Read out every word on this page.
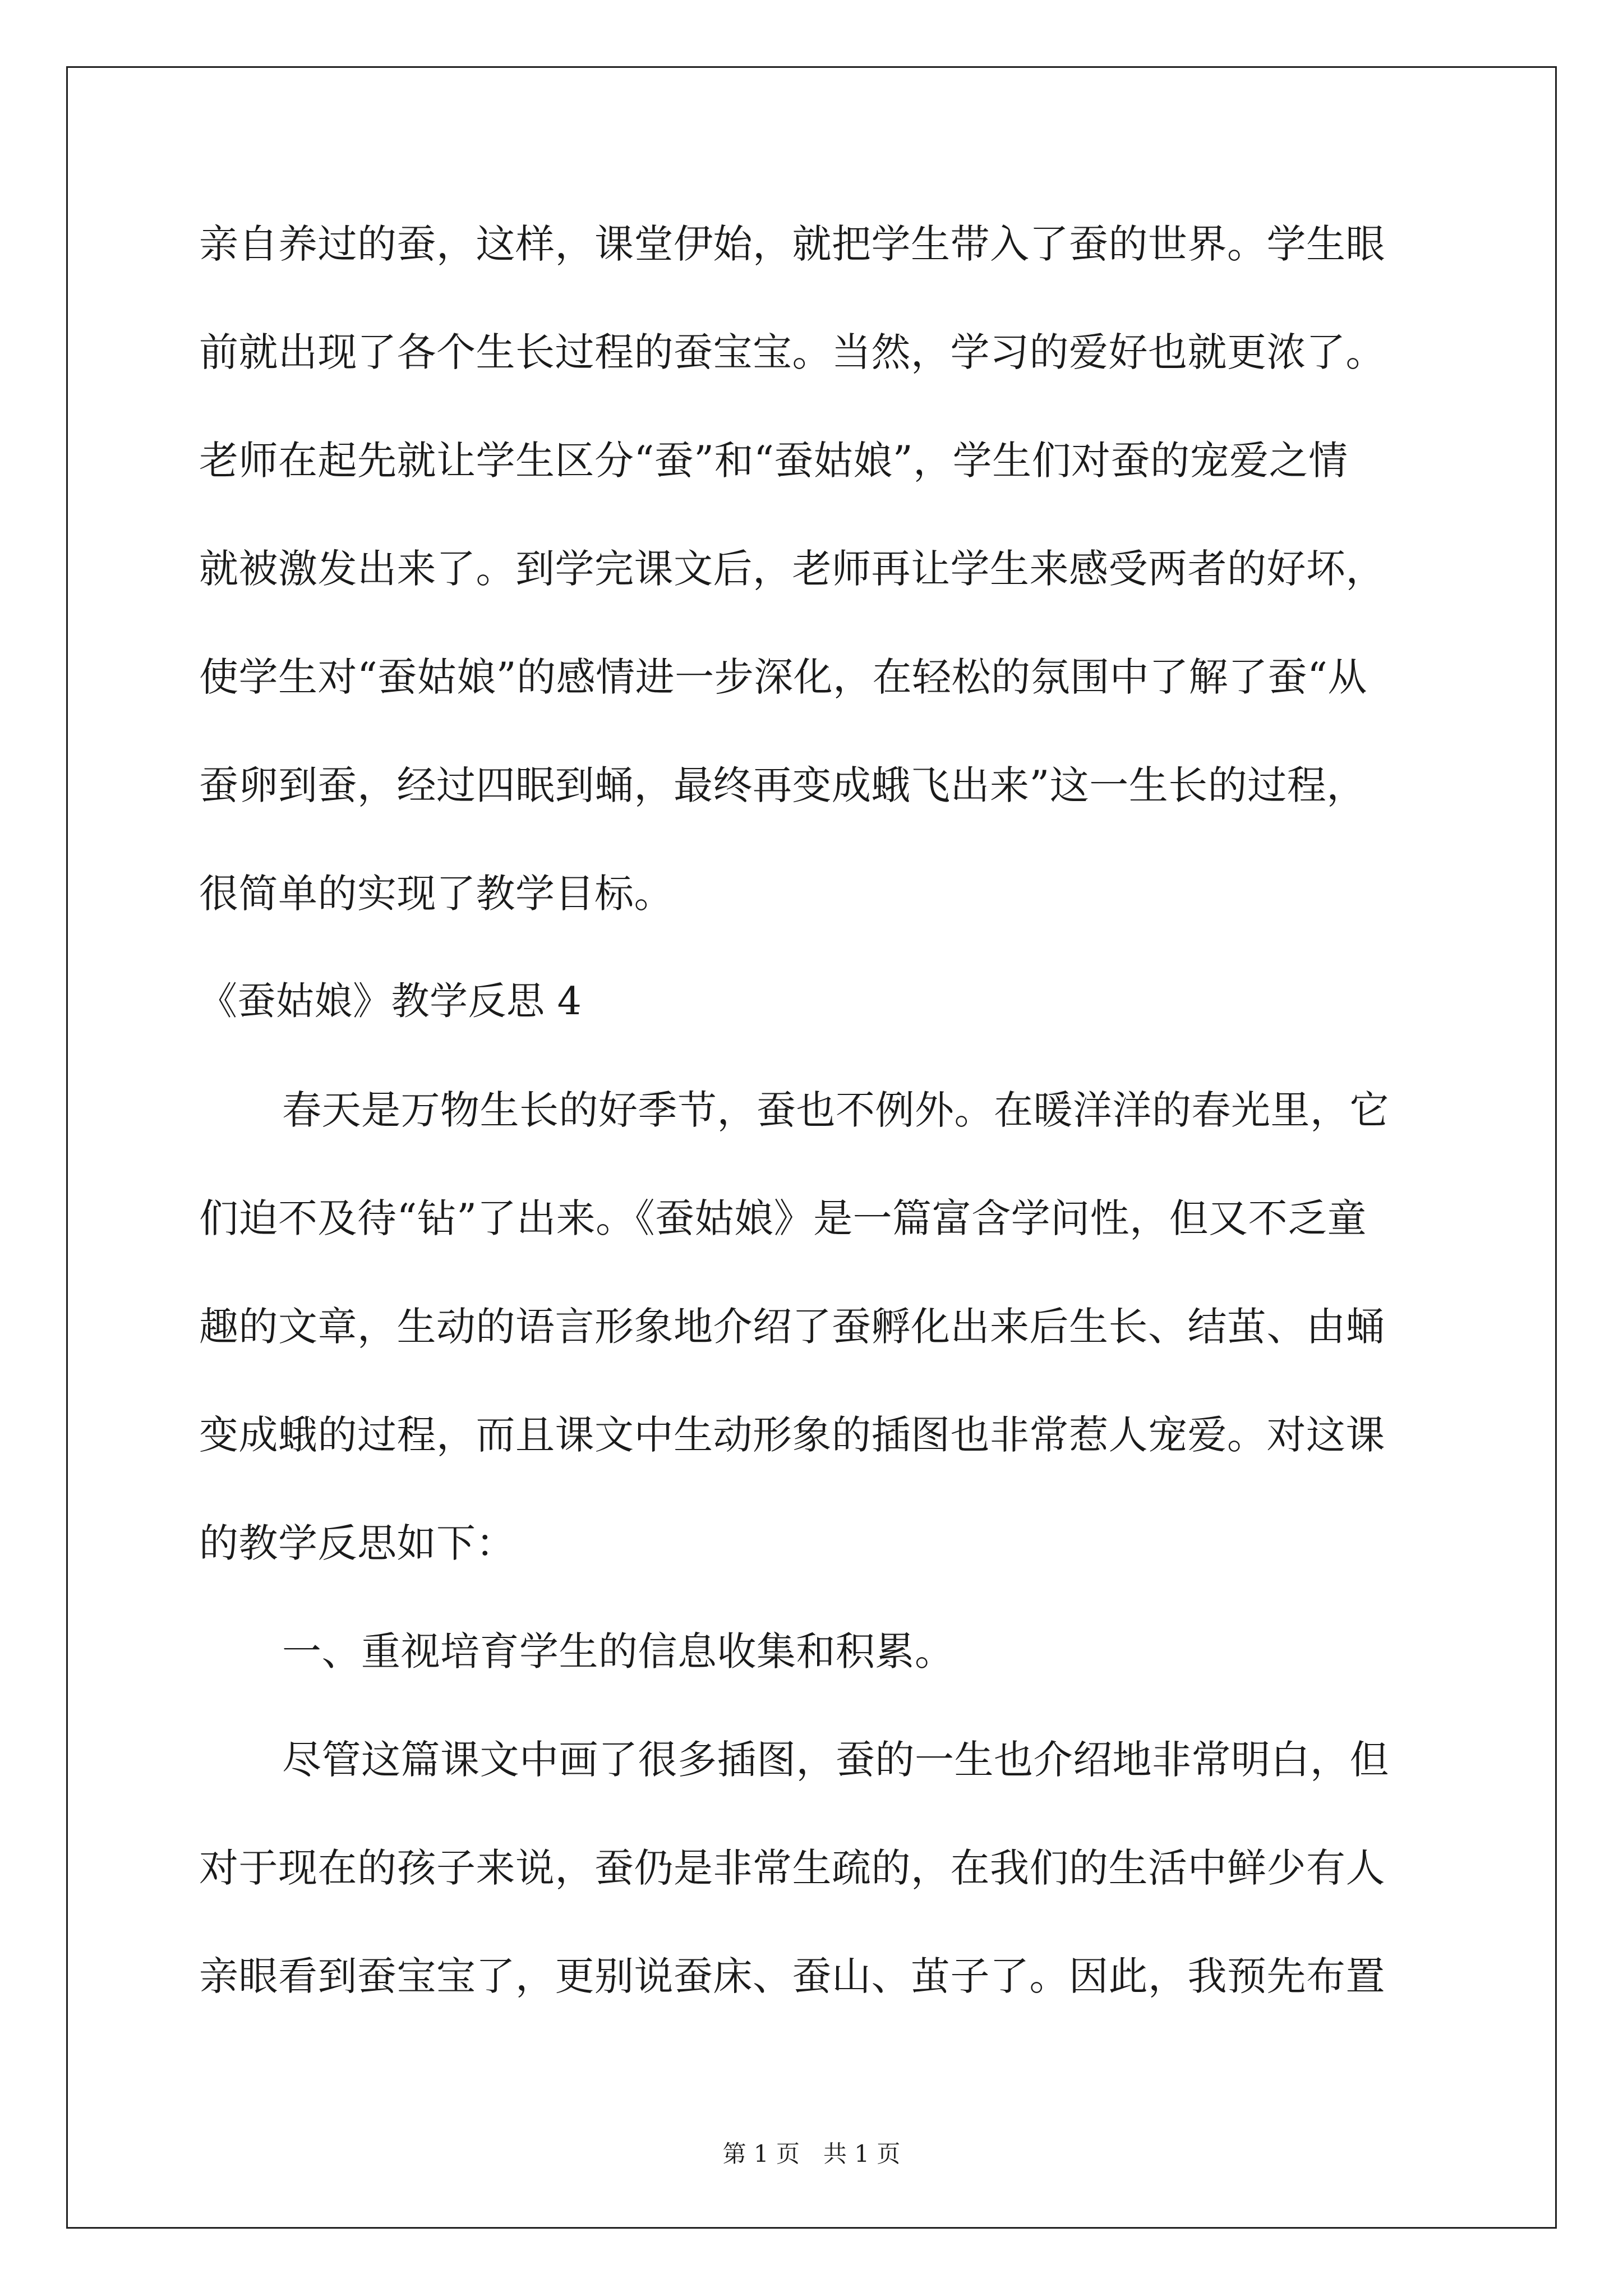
亲自养过的蚕，这样，课堂伊始，就把学生带入了蚕的世界。学生眼
前就出现了各个生长过程的蚕宝宝。当然，学习的爱好也就更浓了。
老师在起先就让学生区分“蚕”和“蚕姑娘”，学生们对蚕的宠爱之情
就被激发出来了。到学完课文后，老师再让学生来感受两者的好坏，
使学生对“蚕姑娘”的感情进一步深化，在轻松的氛围中了解了蚕“从
蚕卵到蚕，经过四眠到蛹，最终再变成蛾飞出来”这一生长的过程，
很简单的实现了教学目标。
《蚕姑娘》教学反思 4
春天是万物生长的好季节，蚕也不例外。在暖洋洋的春光里，它
们迫不及待“钻”了出来。《蚕姑娘》是一篇富含学问性，但又不乏童
趣的文章，生动的语言形象地介绍了蚕孵化出来后生长、结茧、由蛹
变成蛾的过程，而且课文中生动形象的插图也非常惹人宠爱。对这课
的教学反思如下：
一、重视培育学生的信息收集和积累。
尽管这篇课文中画了很多插图，蚕的一生也介绍地非常明白，但
对于现在的孩子来说，蚕仍是非常生疏的，在我们的生活中鲜少有人
亲眼看到蚕宝宝了，更别说蚕床、蚕山、茧子了。因此，我预先布置
第 1 页　共 1 页
